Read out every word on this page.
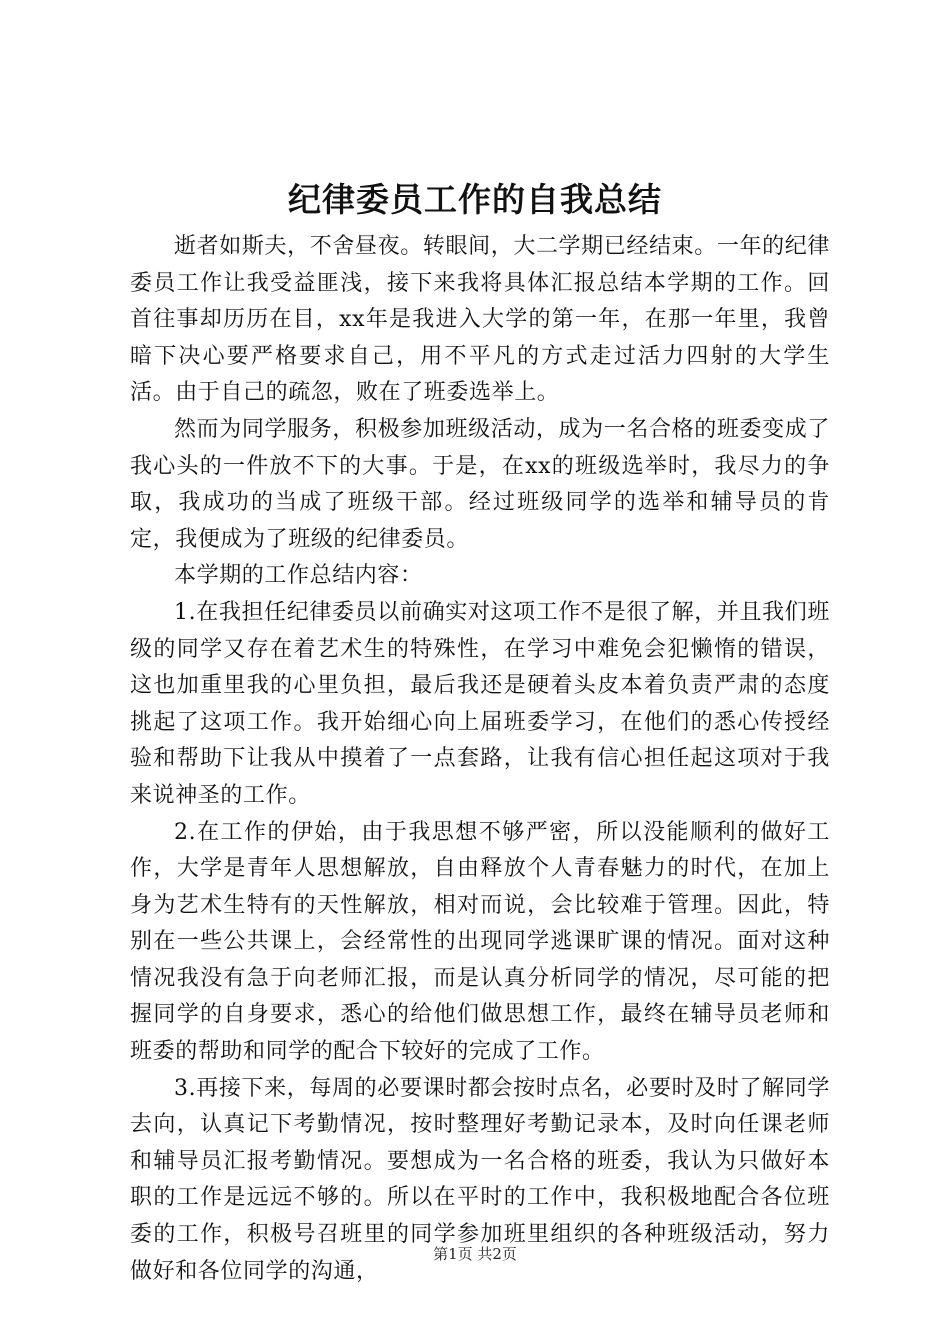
纪律委员工作的自我总结

逝者如斯夫，不舍昼夜。转眼间，大二学期已经结束。一年的纪律委员工作让我受益匪浅，接下来我将具体汇报总结本学期的工作。回首往事却历历在目，xx年是我进入大学的第一年，在那一年里，我曾暗下决心要严格要求自己，用不平凡的方式走过活力四射的大学生活。由于自己的疏忽，败在了班委选举上。

然而为同学服务，积极参加班级活动，成为一名合格的班委变成了我心头的一件放不下的大事。于是，在xx的班级选举时，我尽力的争取，我成功的当成了班级干部。经过班级同学的选举和辅导员的肯定，我便成为了班级的纪律委员。

本学期的工作总结内容：

1.在我担任纪律委员以前确实对这项工作不是很了解，并且我们班级的同学又存在着艺术生的特殊性，在学习中难免会犯懒惰的错误，这也加重里我的心里负担，最后我还是硬着头皮本着负责严肃的态度挑起了这项工作。我开始细心向上届班委学习，在他们的悉心传授经验和帮助下让我从中摸着了一点套路，让我有信心担任起这项对于我来说神圣的工作。

2.在工作的伊始，由于我思想不够严密，所以没能顺利的做好工作，大学是青年人思想解放，自由释放个人青春魅力的时代，在加上身为艺术生特有的天性解放，相对而说，会比较难于管理。因此，特别在一些公共课上，会经常性的出现同学逃课旷课的情况。面对这种情况我没有急于向老师汇报，而是认真分析同学的情况，尽可能的把握同学的自身要求，悉心的给他们做思想工作，最终在辅导员老师和班委的帮助和同学的配合下较好的完成了工作。

3.再接下来，每周的必要课时都会按时点名，必要时及时了解同学去向，认真记下考勤情况，按时整理好考勤记录本，及时向任课老师和辅导员汇报考勤情况。要想成为一名合格的班委，我认为只做好本职的工作是远远不够的。所以在平时的工作中，我积极地配合各位班委的工作，积极号召班里的同学参加班里组织的各种班级活动，努力做好和各位同学的沟通，

第1页 共2页
